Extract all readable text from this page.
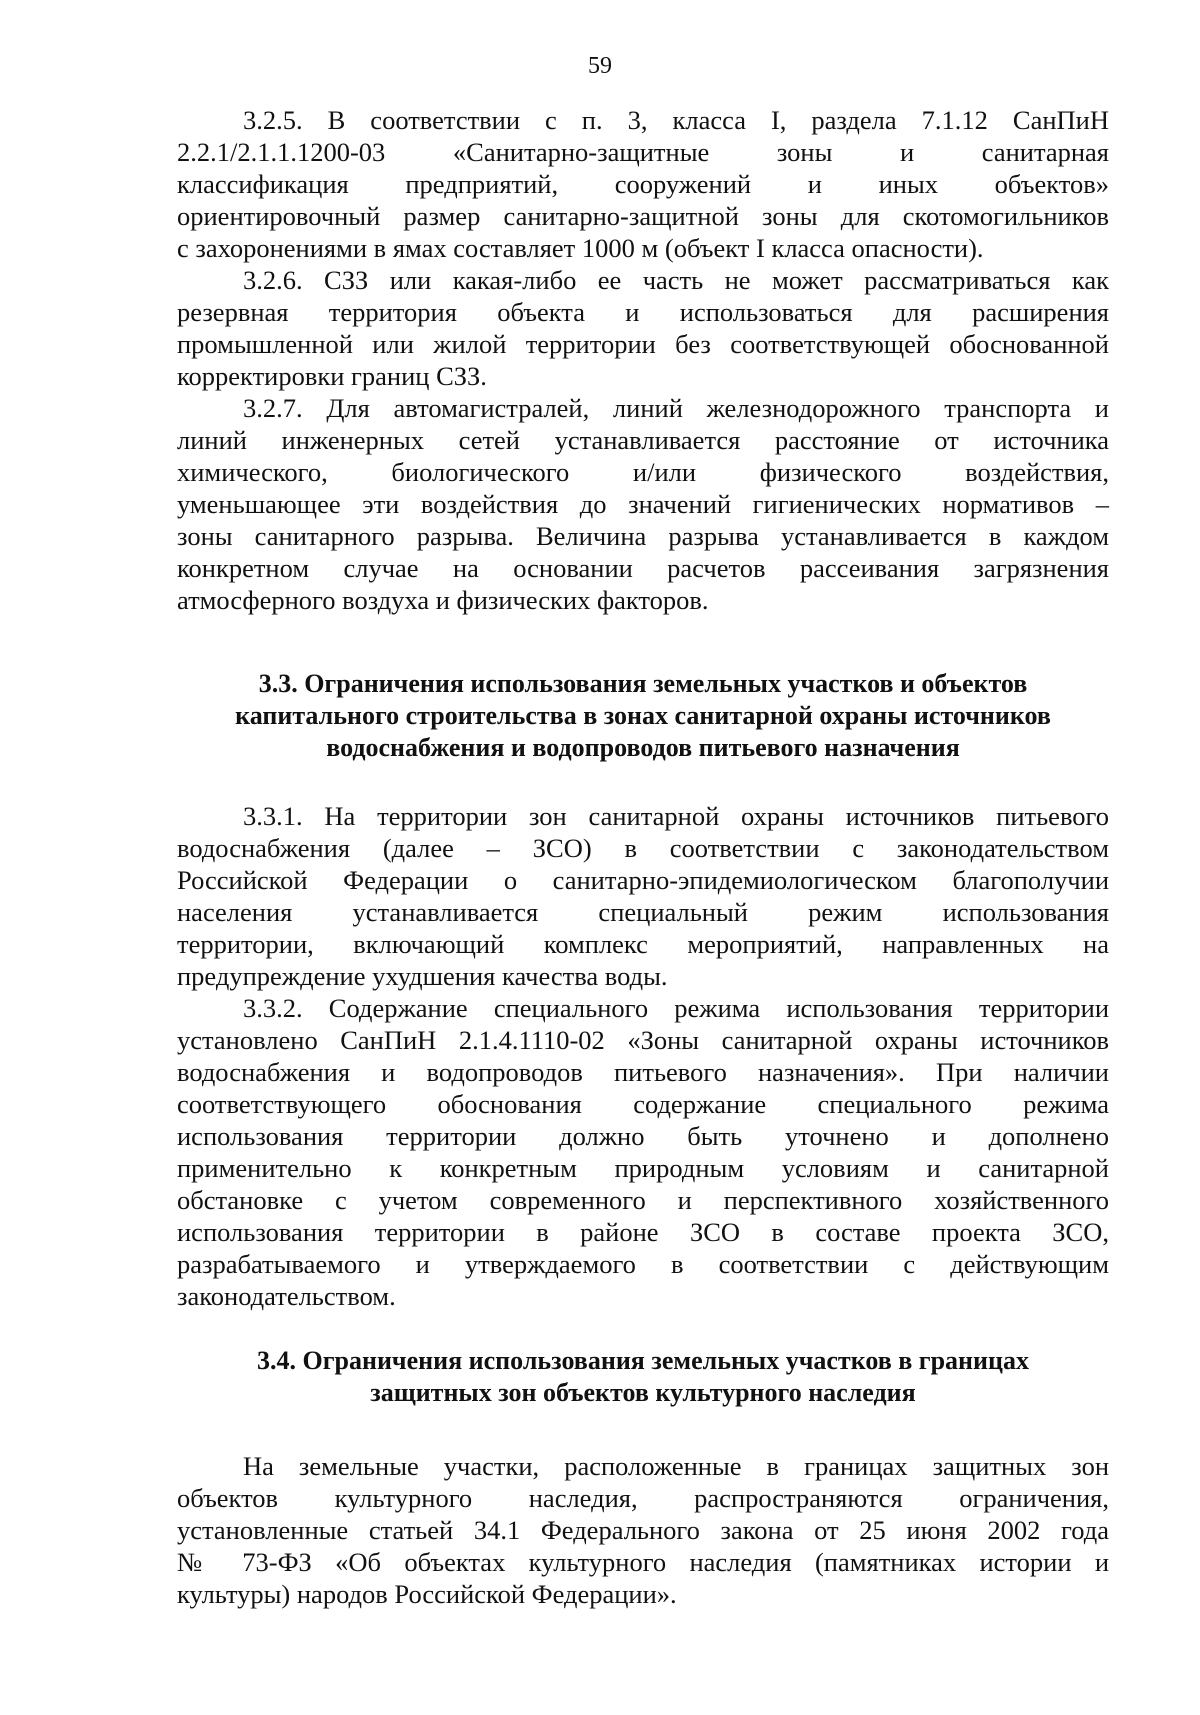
59
3.2.5. В соответствии с п. 3, класса I, раздела 7.1.12 СанПиН
2.2.1/2.1.1.1200-03 «Санитарно-защитные зоны и санитарная
классификация предприятий, сооружений и иных объектов»
ориентировочный размер санитарно-защитной зоны для скотомогильников
с захоронениями в ямах составляет 1000 м (объект I класса опасности).
3.2.6. СЗЗ или какая-либо ее часть не может рассматриваться как
резервная территория объекта и использоваться для расширения
промышленной или жилой территории без соответствующей обоснованной
корректировки границ СЗЗ.
3.2.7. Для автомагистралей, линий железнодорожного транспорта и
линий инженерных сетей устанавливается расстояние от источника
химического, биологического и/или физического воздействия,
уменьшающее эти воздействия до значений гигиенических нормативов –
зоны санитарного разрыва. Величина разрыва устанавливается в каждом
конкретном случае на основании расчетов рассеивания загрязнения
атмосферного воздуха и физических факторов.
3.3. Ограничения использования земельных участков и объектов
капитального строительства в зонах санитарной охраны источников
водоснабжения и водопроводов питьевого назначения
3.3.1. На территории зон санитарной охраны источников питьевого
водоснабжения (далее – ЗСО) в соответствии с законодательством
Российской Федерации о санитарно-эпидемиологическом благополучии
населения устанавливается специальный режим использования
территории, включающий комплекс мероприятий, направленных на
предупреждение ухудшения качества воды.
3.3.2. Содержание специального режима использования территории
установлено СанПиН 2.1.4.1110-02 «Зоны санитарной охраны источников
водоснабжения и водопроводов питьевого назначения». При наличии
соответствующего обоснования содержание специального режима
использования территории должно быть уточнено и дополнено
применительно к конкретным природным условиям и санитарной
обстановке с учетом современного и перспективного хозяйственного
использования территории в районе ЗСО в составе проекта ЗСО,
разрабатываемого и утверждаемого в соответствии с действующим
законодательством.
3.4. Ограничения использования земельных участков в границах
защитных зон объектов культурного наследия
На земельные участки, расположенные в границах защитных зон
объектов культурного наследия, распространяются ограничения,
установленные статьей 34.1 Федерального закона от 25 июня 2002 года
№ 73-ФЗ «Об объектах культурного наследия (памятниках истории и
культуры) народов Российской Федерации».
